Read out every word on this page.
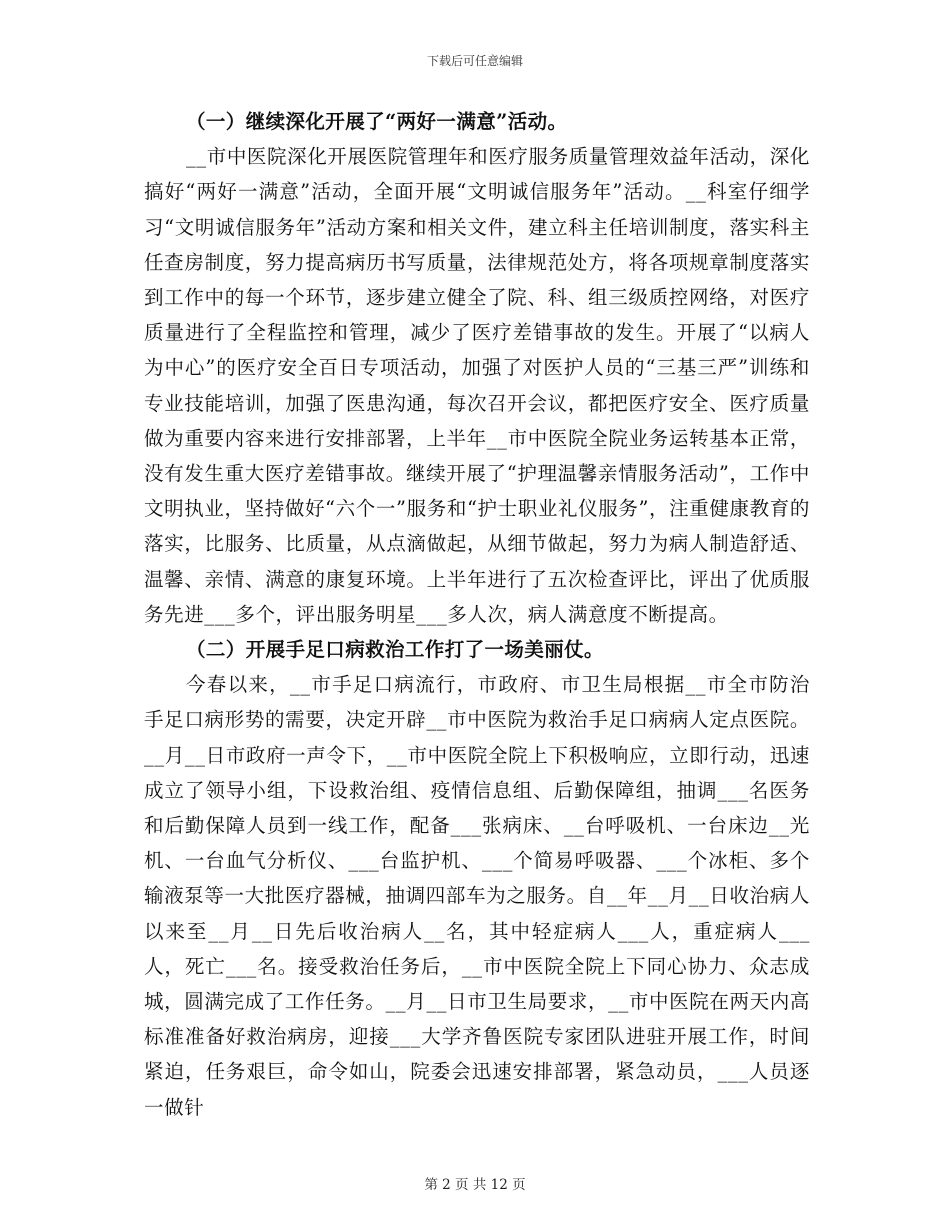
下载后可任意编辑

（一）继续深化开展了“两好一满意”活动。

__市中医院深化开展医院管理年和医疗服务质量管理效益年活动，深化搞好“两好一满意”活动，全面开展“文明诚信服务年”活动。__科室仔细学习“文明诚信服务年”活动方案和相关文件，建立科主任培训制度，落实科主任查房制度，努力提高病历书写质量，法律规范处方，将各项规章制度落实到工作中的每一个环节，逐步建立健全了院、科、组三级质控网络，对医疗质量进行了全程监控和管理，减少了医疗差错事故的发生。开展了“以病人为中心”的医疗安全百日专项活动，加强了对医护人员的“三基三严”训练和专业技能培训，加强了医患沟通，每次召开会议，都把医疗安全、医疗质量做为重要内容来进行安排部署，上半年__市中医院全院业务运转基本正常，没有发生重大医疗差错事故。继续开展了“护理温馨亲情服务活动”，工作中文明执业，坚持做好“六个一”服务和“护士职业礼仪服务”，注重健康教育的落实，比服务、比质量，从点滴做起，从细节做起，努力为病人制造舒适、温馨、亲情、满意的康复环境。上半年进行了五次检查评比，评出了优质服务先进___多个，评出服务明星___多人次，病人满意度不断提高。

（二）开展手足口病救治工作打了一场美丽仗。

今春以来，__市手足口病流行，市政府、市卫生局根据__市全市防治手足口病形势的需要，决定开辟__市中医院为救治手足口病病人定点医院。__月__日市政府一声令下，__市中医院全院上下积极响应，立即行动，迅速成立了领导小组，下设救治组、疫情信息组、后勤保障组，抽调___名医务和后勤保障人员到一线工作，配备___张病床、__台呼吸机、一台床边__光机、一台血气分析仪、___台监护机、___个简易呼吸器、___个冰柜、多个输液泵等一大批医疗器械，抽调四部车为之服务。自__年__月__日收治病人以来至__月__日先后收治病人__名，其中轻症病人___人，重症病人___人，死亡___名。接受救治任务后，__市中医院全院上下同心协力、众志成城，圆满完成了工作任务。__月__日市卫生局要求，__市中医院在两天内高标准准备好救治病房，迎接___大学齐鲁医院专家团队进驻开展工作，时间紧迫，任务艰巨，命令如山，院委会迅速安排部署，紧急动员，___人员逐一做针

第 2 页 共 12 页
